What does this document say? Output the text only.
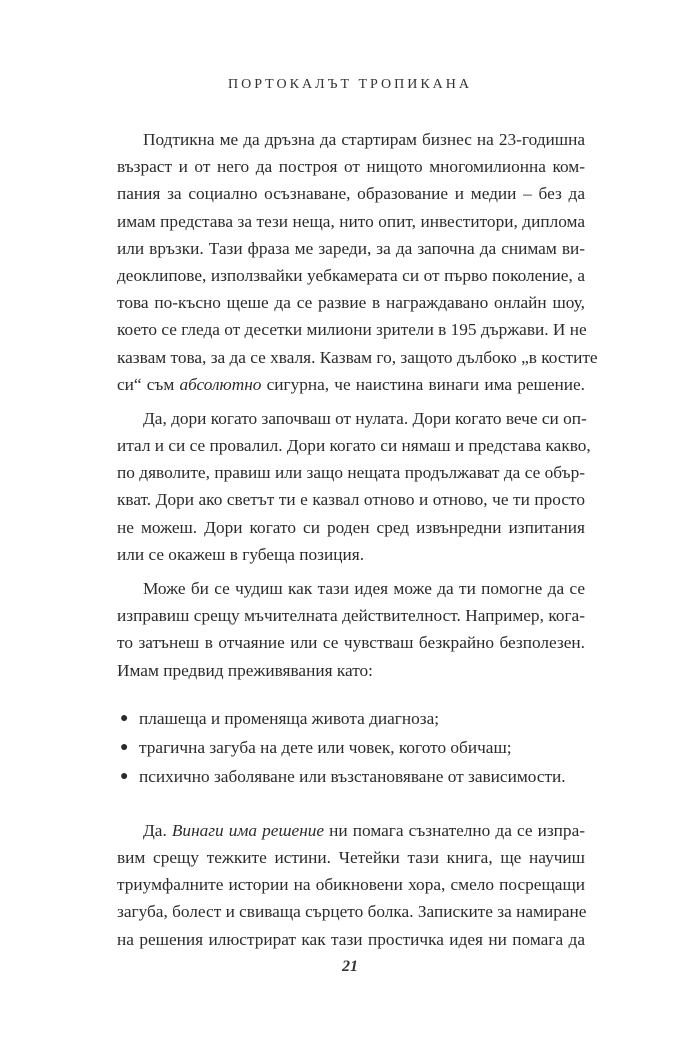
ПОРТОКАЛЪТ ТРОПИКАНА
Подтикна ме да дръзна да стартирам бизнес на 23-годишна
възраст и от него да построя от нищото многомилионна ком-
пания за социално осъзнаване, образование и медии – без да
имам представа за тези неща, нито опит, инвеститори, диплома
или връзки. Тази фраза ме зареди, за да започна да снимам ви-
деоклипове, използвайки уебкамерата си от първо поколение, а
това по-късно щеше да се развие в награждавано онлайн шоу,
което се гледа от десетки милиони зрители в 195 държави. И не
казвам това, за да се хваля. Казвам го, защото дълбоко „в костите
си“ съм абсолютно сигурна, че наистина винаги има решение.
Да, дори когато започваш от нулата. Дори когато вече си оп-
итал и си се провалил. Дори когато си нямаш и представа какво,
по дяволите, правиш или защо нещата продължават да се обър-
кват. Дори ако светът ти е казвал отново и отново, че ти просто
не можеш. Дори когато си роден сред извънредни изпитания
или се окажеш в губеща позиция.
Може би се чудиш как тази идея може да ти помогне да се
изправиш срещу мъчителната действителност. Например, кога-
то затънеш в отчаяние или се чувстваш безкрайно безполезен.
Имам предвид преживявания като:
● плашеща и променяща живота диагноза;
● трагична загуба на дете или човек, когото обичаш;
● психично заболяване или възстановяване от зависимости.
Да. Винаги има решение ни помага съзнателно да се изпра-
вим срещу тежките истини. Четейки тази книга, ще научиш
триумфалните истории на обикновени хора, смело посрещащи
загуба, болест и свиваща сърцето болка. Записките за намиране
на решения илюстрират как тази простичка идея ни помага да
21
